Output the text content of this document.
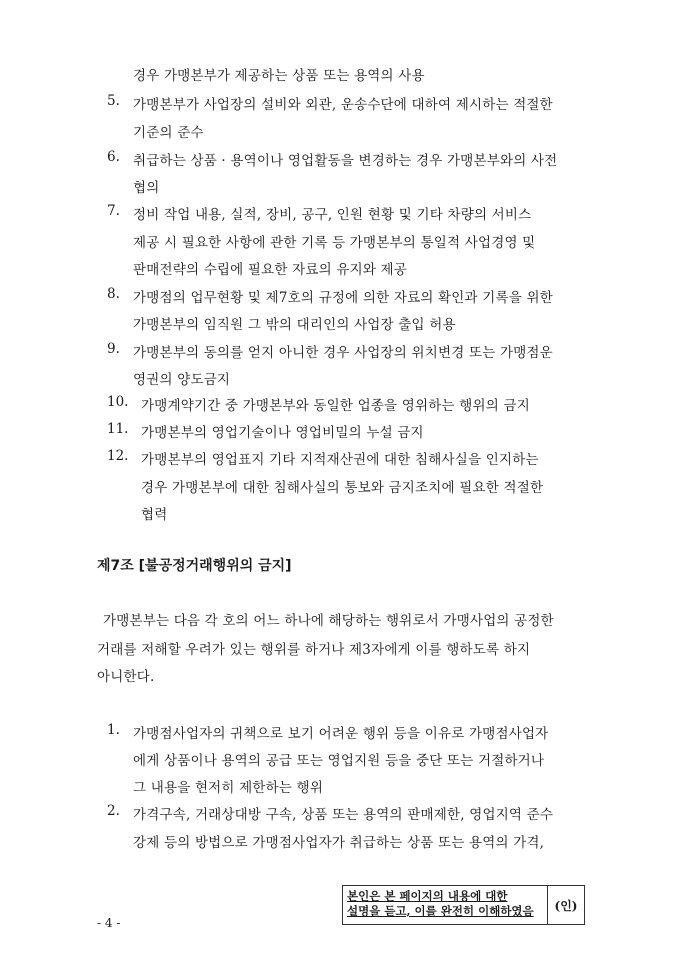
경우 가맹본부가 제공하는 상품 또는 용역의 사용
5. 가맹본부가 사업장의 설비와 외관, 운송수단에 대하여 제시하는 적절한
기준의 준수
6. 취급하는 상품 · 용역이나 영업활동을 변경하는 경우 가맹본부와의 사전
협의
7. 정비 작업 내용, 실적, 장비, 공구, 인원 현황 및 기타 차량의 서비스
제공 시 필요한 사항에 관한 기록 등 가맹본부의 통일적 사업경영 및
판매전략의 수립에 필요한 자료의 유지와 제공
8. 가맹점의 업무현황 및 제7호의 규정에 의한 자료의 확인과 기록을 위한
가맹본부의 임직원 그 밖의 대리인의 사업장 출입 허용
9. 가맹본부의 동의를 얻지 아니한 경우 사업장의 위치변경 또는 가맹점운
영권의 양도금지
10. 가맹계약기간 중 가맹본부와 동일한 업종을 영위하는 행위의 금지
11. 가맹본부의 영업기술이나 영업비밀의 누설 금지
12. 가맹본부의 영업표지 기타 지적재산권에 대한 침해사실을 인지하는
경우 가맹본부에 대한 침해사실의 통보와 금지조치에 필요한 적절한
협력
제7조 [불공정거래행위의 금지]
가맹본부는 다음 각 호의 어느 하나에 해당하는 행위로서 가맹사업의 공정한
거래를 저해할 우려가 있는 행위를 하거나 제3자에게 이를 행하도록 하지
아니한다.
1. 가맹점사업자의 귀책으로 보기 어려운 행위 등을 이유로 가맹점사업자
에게 상품이나 용역의 공급 또는 영업지원 등을 중단 또는 거절하거나
그 내용을 현저히 제한하는 행위
2. 가격구속, 거래상대방 구속, 상품 또는 용역의 판매제한, 영업지역 준수
강제 등의 방법으로 가맹점사업자가 취급하는 상품 또는 용역의 가격,
본인은 본 페이지의 내용에 대한
설명을 듣고, 이를 완전히 이해하였음	(인)
- 4 -
